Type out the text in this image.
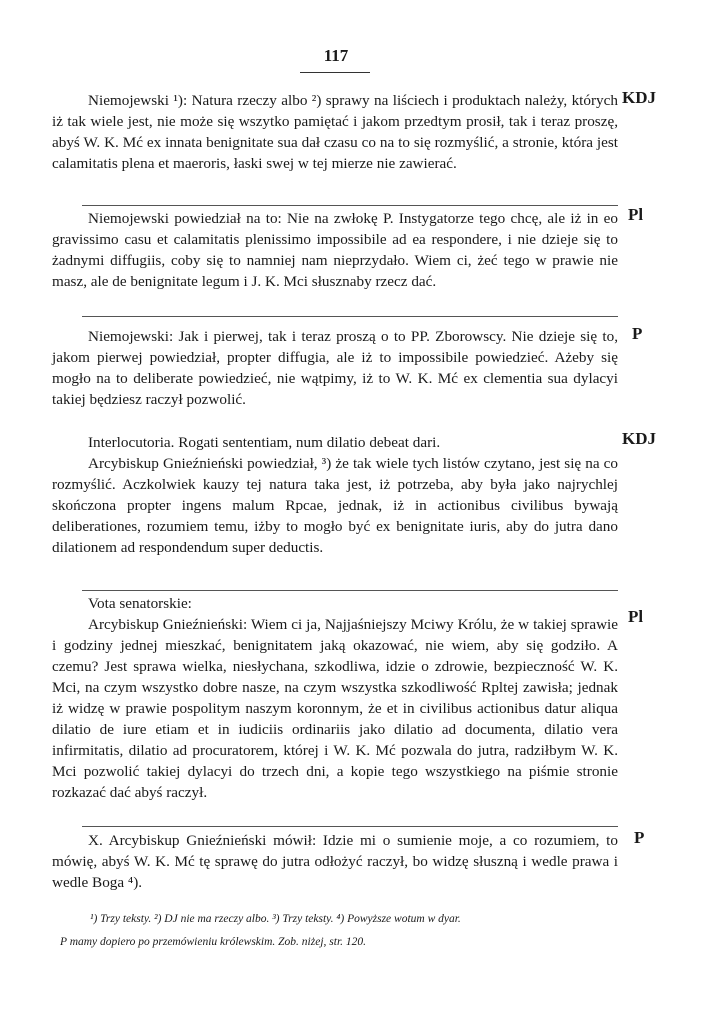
117

Niemojewski ¹): Natura rzeczy albo ²) sprawy na liściech i produktach należy, których iż tak wiele jest, nie może się wszytko pamiętać i jakom przedtym prosił, tak i teraz proszę, abyś W. K. Mć ex innata benignitate sua dał czasu co na to się rozmyślić, a stronie, która jest calamitatis plena et maeroris, łaski swej w tej mierze nie zawierać.

KDJ

Niemojewski powiedział na to: Nie na zwłokę P. Instygatorze tego chcę, ale iż in eo gravissimo casu et calamitatis plenissimo impossibile ad ea respondere, i nie dzieje się to żadnymi diffugiis, coby się to namniej nam nieprzydało. Wiem ci, żeć tego w prawie nie masz, ale de benignitate legum i J. K. Mci słusznaby rzecz dać.

Pl

Niemojewski: Jak i pierwej, tak i teraz proszą o to PP. Zborowscy. Nie dzieje się to, jakom pierwej powiedział, propter diffugia, ale iż to impossibile powiedzieć. Ażeby się mogło na to deliberate powiedzieć, nie wątpimy, iż to W. K. Mć ex clementia sua dylacyi takiej będziesz raczył pozwolić.

P

Interlocutoria. Rogati sententiam, num dilatio debeat dari.

Arcybiskup Gnieźnieński powiedział, ³) że tak wiele tych listów czytano, jest się na co rozmyślić. Aczkolwiek kauzy tej natura taka jest, iż potrzeba, aby była jako najrychlej skończona propter ingens malum Rpcae, jednak, iż in actionibus civilibus bywają deliberationes, rozumiem temu, iżby to mogło być ex benignitate iuris, aby do jutra dano dilationem ad respondendum super deductis.

KDJ

Vota senatorskie:

Arcybiskup Gnieźnieński: Wiem ci ja, Najjaśniejszy Mciwy Królu, że w takiej sprawie i godziny jednej mieszkać, benignitatem jaką okazować, nie wiem, aby się godziło. A czemu? Jest sprawa wielka, niesłychana, szkodliwa, idzie o zdrowie, bezpieczność W. K. Mci, na czym wszystko dobre nasze, na czym wszystka szkodliwość Rpltej zawisła; jednak iż widzę w prawie pospolitym naszym koronnym, że et in civilibus actionibus datur aliqua dilatio de iure etiam et in iudiciis ordinariis jako dilatio ad documenta, dilatio vera infirmitatis, dilatio ad procuratorem, której i W. K. Mć pozwala do jutra, radziłbym W. K. Mci pozwolić takiej dylacyi do trzech dni, a kopie tego wszystkiego na piśmie stronie rozkazać dać abyś raczył.

Pl

X. Arcybiskup Gnieźnieński mówił: Idzie mi o sumienie moje, a co rozumiem, to mówię, abyś W. K. Mć tę sprawę do jutra odłożyć raczył, bo widzę słuszną i wedle prawa i wedle Boga ⁴).

P

¹) Trzy teksty. ²) DJ nie ma rzeczy albo. ³) Trzy teksty. ⁴) Powyższe wotum w dyar.

P mamy dopiero po przemówieniu królewskim. Zob. niżej, str. 120.
